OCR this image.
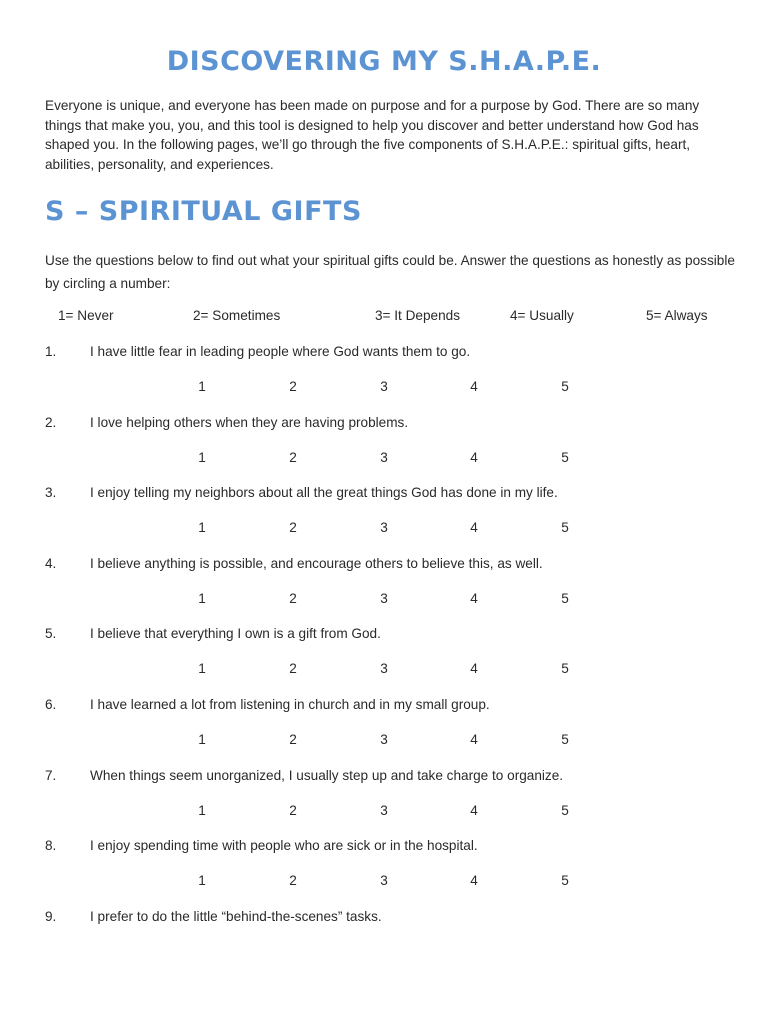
DISCOVERING MY S.H.A.P.E.

Everyone is unique, and everyone has been made on purpose and for a purpose by God. There are so many things that make you, you, and this tool is designed to help you discover and better understand how God has shaped you. In the following pages, we’ll go through the five components of S.H.A.P.E.: spiritual gifts, heart, abilities, personality, and experiences.

S – SPIRITUAL GIFTS

Use the questions below to find out what your spiritual gifts could be. Answer the questions as honestly as possible by circling a number:

1= Never	2= Sometimes	3= It Depends	4= Usually	5= Always
1. I have little fear in leading people where God wants them to go.
1	2	3	4	5
2. I love helping others when they are having problems.
1	2	3	4	5
3. I enjoy telling my neighbors about all the great things God has done in my life.
1	2	3	4	5
4. I believe anything is possible, and encourage others to believe this, as well.
1	2	3	4	5
5. I believe that everything I own is a gift from God.
1	2	3	4	5
6. I have learned a lot from listening in church and in my small group.
1	2	3	4	5
7. When things seem unorganized, I usually step up and take charge to organize.
1	2	3	4	5
8. I enjoy spending time with people who are sick or in the hospital.
1	2	3	4	5
9. I prefer to do the little “behind-the-scenes” tasks.
